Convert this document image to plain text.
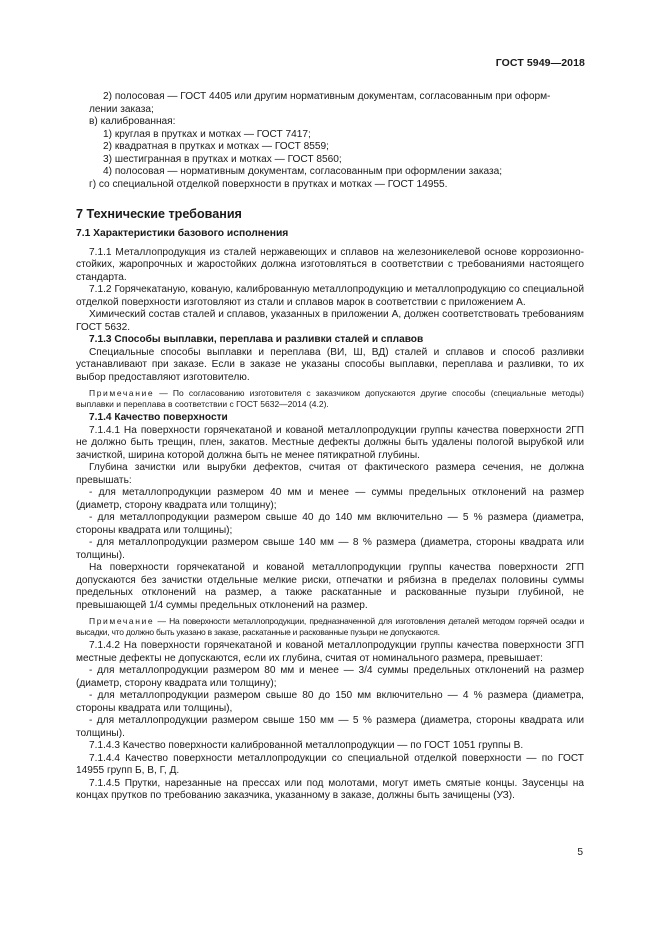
ГОСТ 5949—2018

2) полосовая — ГОСТ 4405 или другим нормативным документам, согласованным при оформ-

лении заказа;

в) калиброванная:

1) круглая в прутках и мотках — ГОСТ 7417;

2) квадратная в прутках и мотках — ГОСТ 8559;

3) шестигранная в прутках и мотках — ГОСТ 8560;

4) полосовая — нормативным документам, согласованным при оформлении заказа;

г) со специальной отделкой поверхности в прутках и мотках — ГОСТ 14955.

7 Технические требования

7.1 Характеристики базового исполнения

7.1.1 Металлопродукция из сталей нержавеющих и сплавов на железоникелевой основе коррозионно-стойких, жаропрочных и жаростойких должна изготовляться в соответствии с требованиями настоящего стандарта.

7.1.2 Горячекатаную, кованую, калиброванную металлопродукцию и металлопродукцию со специальной отделкой поверхности изготовляют из стали и сплавов марок в соответствии с приложением А.

Химический состав сталей и сплавов, указанных в приложении А, должен соответствовать требованиям ГОСТ 5632.

7.1.3 Способы выплавки, переплава и разливки сталей и сплавов

Специальные способы выплавки и переплава (ВИ, Ш, ВД) сталей и сплавов и способ разливки устанавливают при заказе. Если в заказе не указаны способы выплавки, переплава и разливки, то их выбор предоставляют изготовителю.

Примечание — По согласованию изготовителя с заказчиком допускаются другие способы (специальные методы) выплавки и переплава в соответствии с ГОСТ 5632—2014 (4.2).

7.1.4 Качество поверхности

7.1.4.1 На поверхности горячекатаной и кованой металлопродукции группы качества поверхности 2ГП не должно быть трещин, плен, закатов. Местные дефекты должны быть удалены пологой вырубкой или зачисткой, ширина которой должна быть не менее пятикратной глубины.

Глубина зачистки или вырубки дефектов, считая от фактического размера сечения, не должна превышать:

- для металлопродукции размером 40 мм и менее — суммы предельных отклонений на размер (диаметр, сторону квадрата или толщину);

- для металлопродукции размером свыше 40 до 140 мм включительно — 5 % размера (диаметра, стороны квадрата или толщины);

- для металлопродукции размером свыше 140 мм — 8 % размера (диаметра, стороны квадрата или толщины).

На поверхности горячекатаной и кованой металлопродукции группы качества поверхности 2ГП допускаются без зачистки отдельные мелкие риски, отпечатки и рябизна в пределах половины суммы предельных отклонений на размер, а также раскатанные и раскованные пузыри глубиной, не превышающей 1/4 суммы предельных отклонений на размер.

Примечание — На поверхности металлопродукции, предназначенной для изготовления деталей методом горячей осадки и высадки, что должно быть указано в заказе, раскатанные и раскованные пузыри не допускаются.

7.1.4.2 На поверхности горячекатаной и кованой металлопродукции группы качества поверхности 3ГП местные дефекты не допускаются, если их глубина, считая от номинального размера, превышает:

- для металлопродукции размером 80 мм и менее — 3/4 суммы предельных отклонений на размер (диаметр, сторону квадрата или толщину);

- для металлопродукции размером свыше 80 до 150 мм включительно — 4 % размера (диаметра, стороны квадрата или толщины),

- для металлопродукции размером свыше 150 мм — 5 % размера (диаметра, стороны квадрата или толщины).

7.1.4.3 Качество поверхности калиброванной металлопродукции — по ГОСТ 1051 группы В.

7.1.4.4 Качество поверхности металлопродукции со специальной отделкой поверхности — по ГОСТ 14955 групп Б, В, Г, Д.

7.1.4.5 Прутки, нарезанные на прессах или под молотами, могут иметь смятые концы. Заусенцы на концах прутков по требованию заказчика, указанному в заказе, должны быть зачищены (УЗ).

5
